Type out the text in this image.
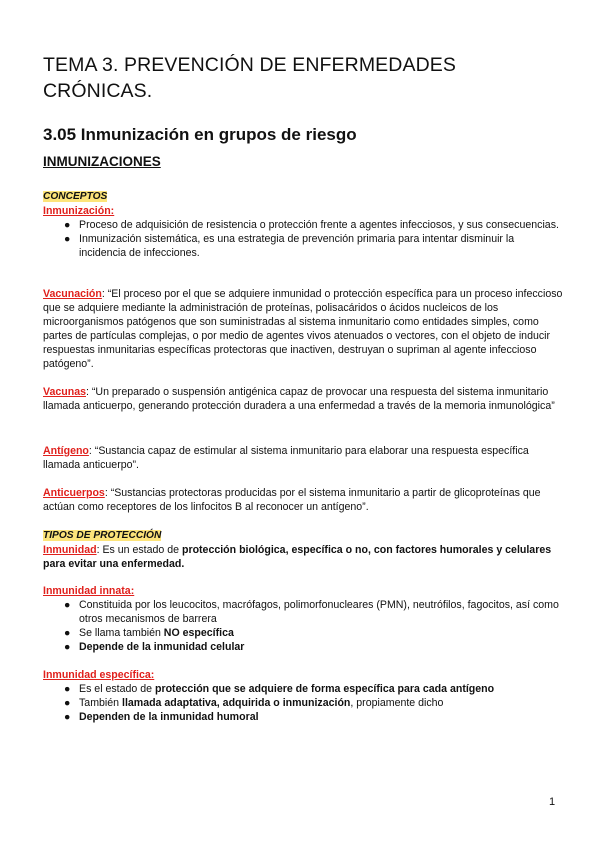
TEMA 3. PREVENCIÓN DE ENFERMEDADES CRÓNICAS.
3.05 Inmunización en grupos de riesgo
INMUNIZACIONES

CONCEPTOS

Inmunización:

● Proceso de adquisición de resistencia o protección frente a agentes infecciosos, y sus consecuencias.
● Inmunización sistemática, es una estrategia de prevención primaria para intentar disminuir la incidencia de infecciones.

Vacunación: “El proceso por el que se adquiere inmunidad o protección específica para un proceso infeccioso que se adquiere mediante la administración de proteínas, polisacáridos o ácidos nucleicos de los microorganismos patógenos que son suministradas al sistema inmunitario como entidades simples, como partes de partículas complejas, o por medio de agentes vivos atenuados o vectores, con el objeto de inducir respuestas inmunitarias específicas protectoras que inactiven, destruyan o supriman al agente infeccioso patógeno”.

Vacunas: “Un preparado o suspensión antigénica capaz de provocar una respuesta del sistema inmunitario llamada anticuerpo, generando protección duradera a una enfermedad a través de la memoria inmunológica”

Antígeno: “Sustancia capaz de estimular al sistema inmunitario para elaborar una respuesta específica llamada anticuerpo”.

Anticuerpos: “Sustancias protectoras producidas por el sistema inmunitario a partir de glicoproteínas que actúan como receptores de los linfocitos B al reconocer un antígeno”.

TIPOS DE PROTECCIÓN

Inmunidad: Es un estado de protección biológica, específica o no, con factores humorales y celulares para evitar una enfermedad.

Inmunidad innata:

● Constituida por los leucocitos, macrófagos, polimorfonucleares (PMN), neutrófilos, fagocitos, así como otros mecanismos de barrera
● Se llama también NO específica
● Depende de la inmunidad celular

Inmunidad específica:

● Es el estado de protección que se adquiere de forma específica para cada antígeno
● También llamada adaptativa, adquirida o inmunización, propiamente dicho
● Dependen de la inmunidad humoral
1
